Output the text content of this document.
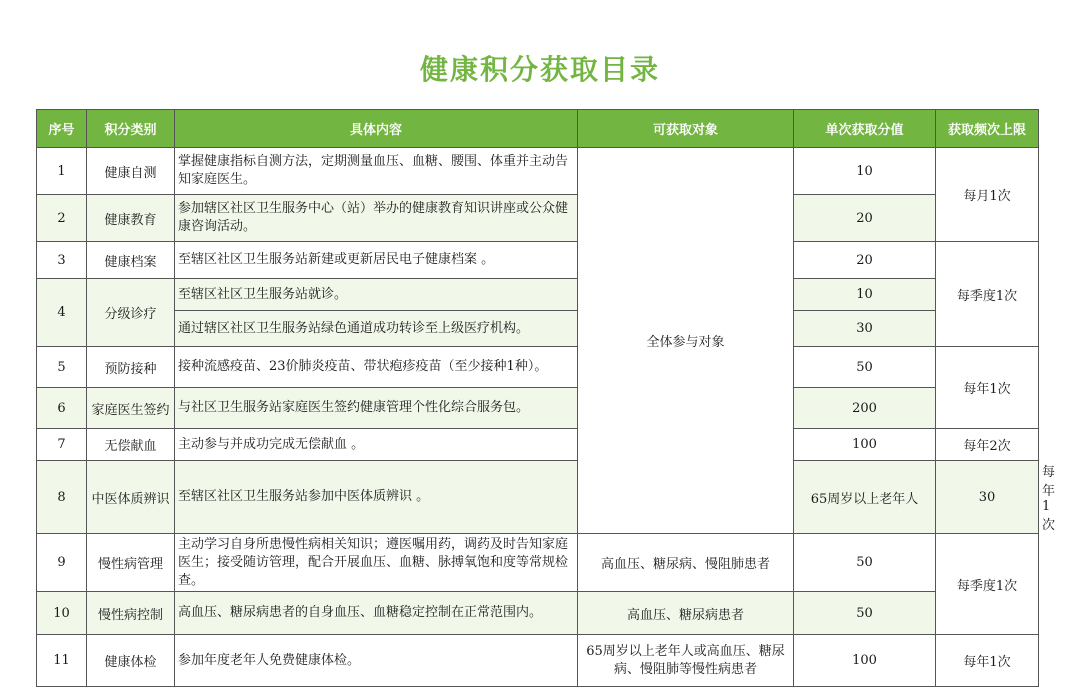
健康积分获取目录
序号	积分类别	具体内容	可获取对象	单次获取分值	获取频次上限	
1	健康自测	掌握健康指标自测方法，定期测量血压、血糖、腰围、体重并主动告知家庭医生。	全体参与对象	10	每月1次	
2	健康教育	参加辖区社区卫生服务中心（站）举办的健康教育知识讲座或公众健康咨询活动。		20		
3	健康档案	至辖区社区卫生服务站新建或更新居民电子健康档案 。		20	每季度1次	
4	分级诊疗	至辖区社区卫生服务站就诊。		10		
		通过辖区社区卫生服务站绿色通道成功转诊至上级医疗机构。		30		
5	预防接种	接种流感疫苗、23价肺炎疫苗、带状疱疹疫苗（至少接种1种）。		50	每年1次	
6	家庭医生签约	与社区卫生服务站家庭医生签约健康管理个性化综合服务包。		200		
7	无偿献血	主动参与并成功完成无偿献血 。		100	每年2次	
8	中医体质辨识	至辖区社区卫生服务站参加中医体质辨识 。		65周岁以上老年人	30	每年1次
9	慢性病管理	主动学习自身所患慢性病相关知识；遵医嘱用药，调药及时告知家庭医生；接受随访管理，配合开展血压、血糖、脉搏氧饱和度等常规检查。	高血压、糖尿病、慢阻肺患者	50	每季度1次	
10	慢性病控制	高血压、糖尿病患者的自身血压、血糖稳定控制在正常范围内。	高血压、糖尿病患者	50		
11	健康体检	参加年度老年人免费健康体检。	65周岁以上老年人或高血压、糖尿病、慢阻肺等慢性病患者	100	每年1次	
